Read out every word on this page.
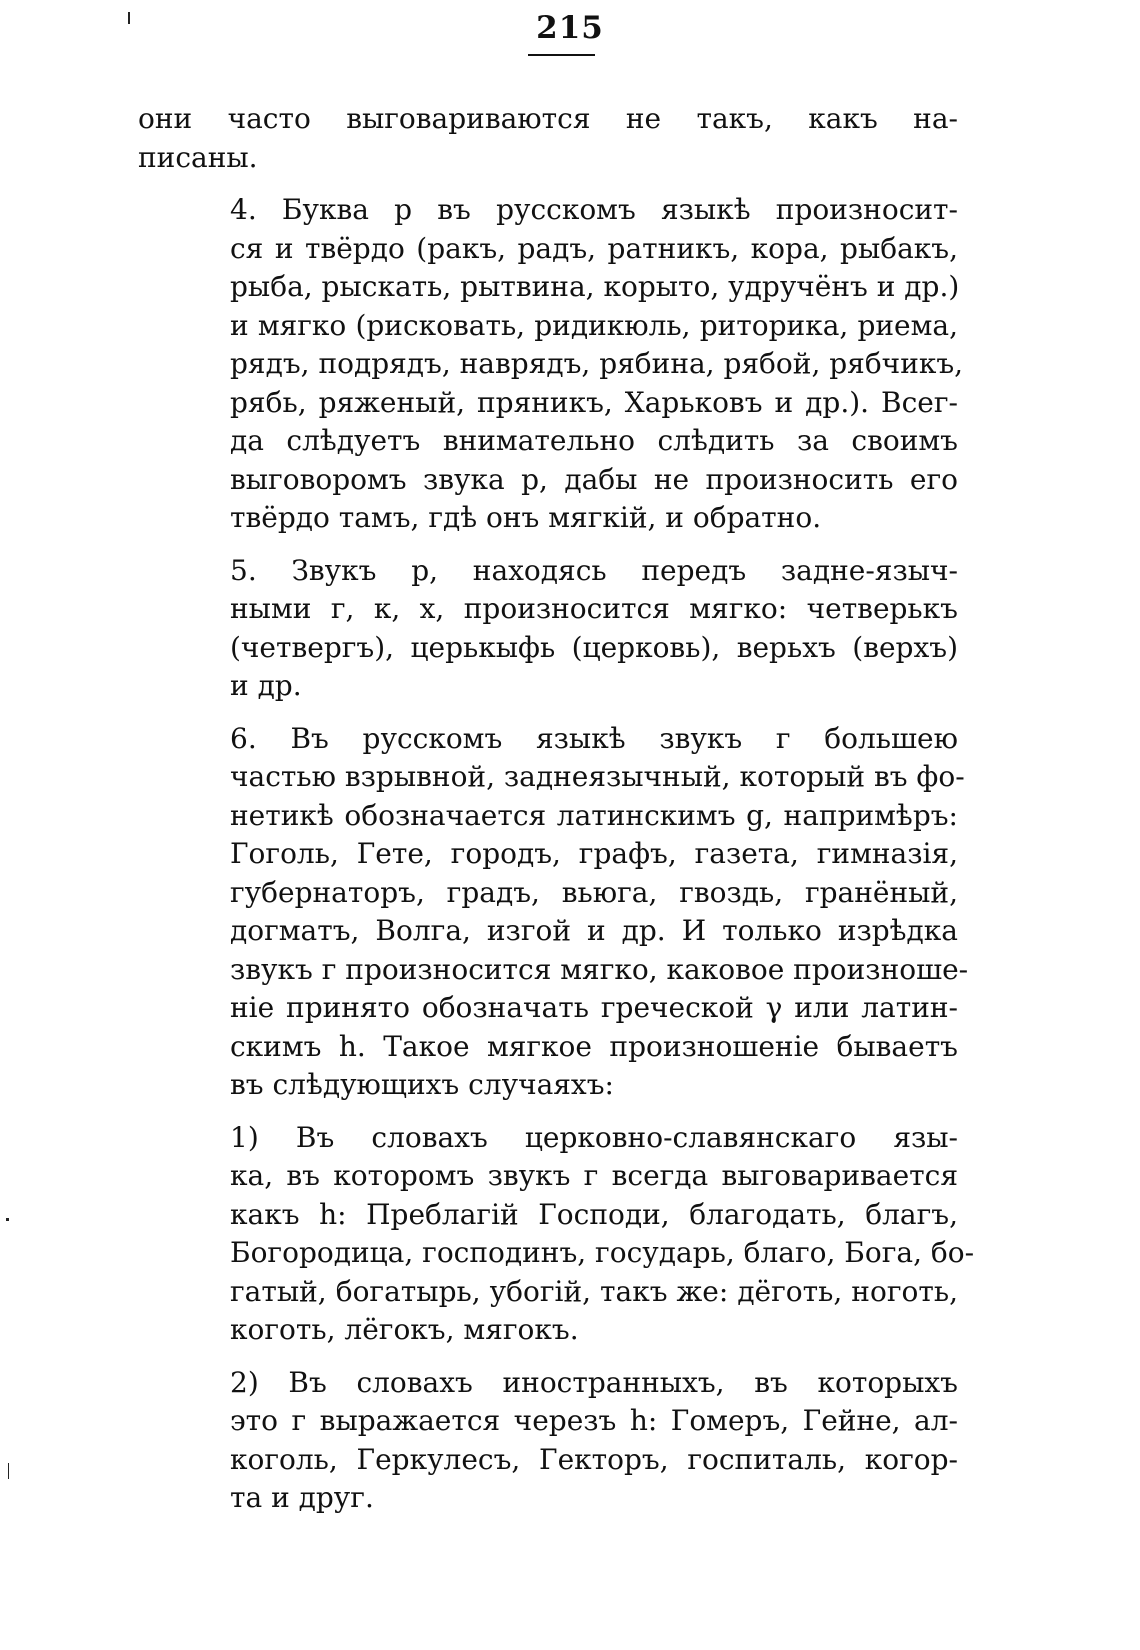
215

они часто выговариваются не такъ, какъ на-
писаны.

4. Буква р въ русскомъ языкѣ произносит-
ся и твёрдо (ракъ, радъ, ратникъ, кора, рыбакъ,
рыба, рыскать, рытвина, корыто, удручёнъ и др.)
и мягко (рисковать, ридикюль, риторика, риема,
рядъ, подрядъ, наврядъ, рябина, рябой, рябчикъ,
рябь, ряженый, пряникъ, Харьковъ и др.). Всег-
да слѣдуетъ внимательно слѣдить за своимъ
выговоромъ звука р, дабы не произносить его
твёрдо тамъ, гдѣ онъ мягкій, и обратно.

5. Звукъ р, находясь передъ задне-языч-
ными г, к, х, произносится мягко: четверькъ
(четвергъ), церькыфь (церковь), верьхъ (верхъ)
и др.

6. Въ русскомъ языкѣ звукъ г большею
частью взрывной, заднеязычный, который въ фо-
нетикѣ обозначается латинскимъ g, напримѣръ:
Гоголь, Гете, городъ, графъ, газета, гимназія,
губернаторъ, градъ, вьюга, гвоздь, гранёный,
догматъ, Волга, изгой и др. И только изрѣдка
звукъ г произносится мягко, каковое произноше-
ніе принято обозначать греческой γ или латин-
скимъ h. Такое мягкое произношеніе бываетъ
въ слѣдующихъ случаяхъ:

1) Въ словахъ церковно-славянскаго язы-
ка, въ которомъ звукъ г всегда выговаривается
какъ h: Преблагій Господи, благодать, благъ,
Богородица, господинъ, государь, благо, Бога, бо-
гатый, богатырь, убогій, такъ же: дёготь, ноготь,
коготь, лёгокъ, мягокъ.

2) Въ словахъ иностранныхъ, въ которыхъ
это г выражается черезъ h: Гомеръ, Гейне, ал-
коголь, Геркулесъ, Гекторъ, госпиталь, когор-
та и друг.
